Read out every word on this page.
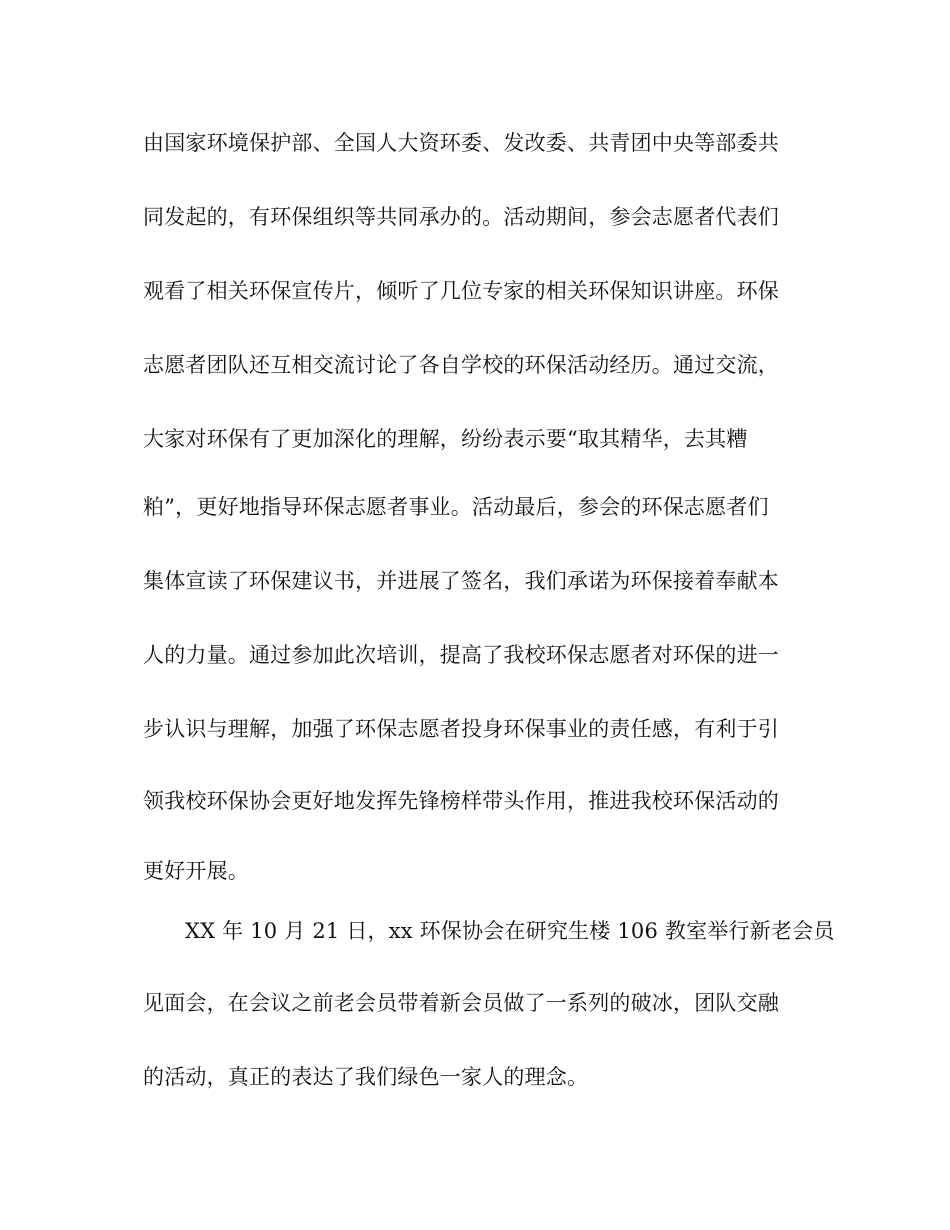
由国家环境保护部、全国人大资环委、发改委、共青团中央等部委共
同发起的，有环保组织等共同承办的。活动期间，参会志愿者代表们
观看了相关环保宣传片，倾听了几位专家的相关环保知识讲座。环保
志愿者团队还互相交流讨论了各自学校的环保活动经历。通过交流，
大家对环保有了更加深化的理解，纷纷表示要“取其精华，去其糟
粕”，更好地指导环保志愿者事业。活动最后，参会的环保志愿者们
集体宣读了环保建议书，并进展了签名，我们承诺为环保接着奉献本
人的力量。通过参加此次培训，提高了我校环保志愿者对环保的进一
步认识与理解，加强了环保志愿者投身环保事业的责任感，有利于引
领我校环保协会更好地发挥先锋榜样带头作用，推进我校环保活动的
更好开展。
XX 年 10 月 21 日，xx 环保协会在研究生楼 106 教室举行新老会员
见面会，在会议之前老会员带着新会员做了一系列的破冰，团队交融
的活动，真正的表达了我们绿色一家人的理念。
